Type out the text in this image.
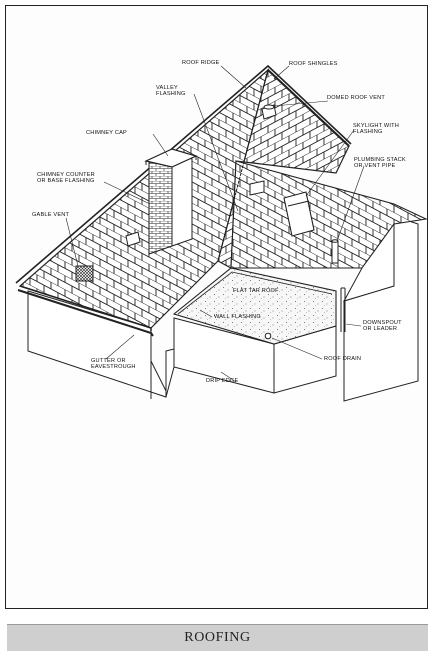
ROOF RIDGE	ROOF SHINGLES
VALLEY
FLASHING
DOMED ROOF VENT
CHIMNEY CAP
SKYLIGHT WITH
FLASHING
PLUMBING STACK
OR VENT PIPE
CHIMNEY COUNTER
OR BASE FLASHING
GABLE VENT
FLAT TAR ROOF
WALL FLASHING
DOWNSPOUT
OR LEADER
ROOF DRAIN
GUTTER OR
EAVESTROUGH
DRIP EDGE
ROOFING
